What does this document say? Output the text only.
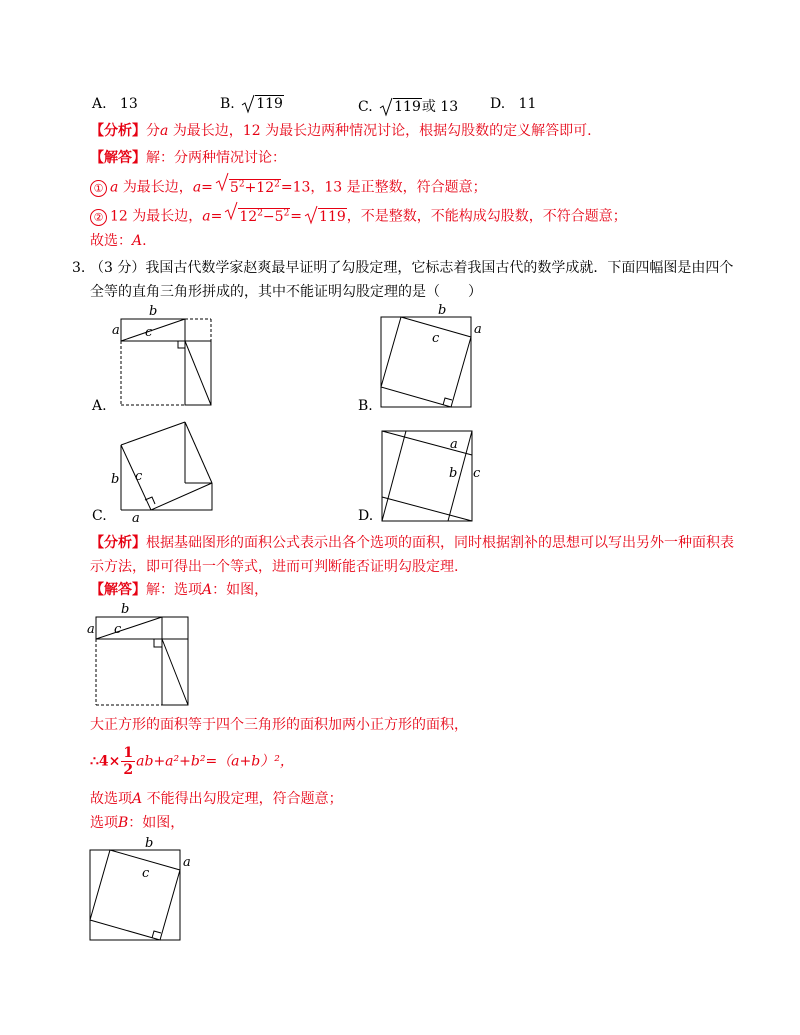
A. 13	B. 119	C. 119或 13 D. 11
【分析】分a 为最长边，12 为最长边两种情况讨论，根据勾股数的定义解答即可.
【解答】解：分两种情况讨论：
① a 为最长边，$a= 5^2+12^2=13$，13 是正整数，符合题意；
② 12 为最长边，$a= 12^2-5^2= 119$，不是整数，不能构成勾股数，不符合题意；
故选：A.
3. （3 分）我国古代数学家赵爽最早证明了勾股定理，它标志着我国古代的数学成就．下面四幅图是由四个
全等的直角三角形拼成的，其中不能证明勾股定理的是（　　）
A.
b
a c
B.
b
a
c
C.
b c
a	D.
a
b c
【分析】根据基础图形的面积公式表示出各个选项的面积，同时根据割补的思想可以写出另外一种面积表
示方法，即可得出一个等式，进而可判断能否证明勾股定理.
【解答】解：选项A：如图，
b
a c
大正方形的面积等于四个三角形的面积加两小正方形的面积，
∴4× $\frac{1}{2} ab+a^2+b^2=(a+b)^2$，
故选项A 不能得出勾股定理，符合题意；
选项B：如图，
b
a
c
